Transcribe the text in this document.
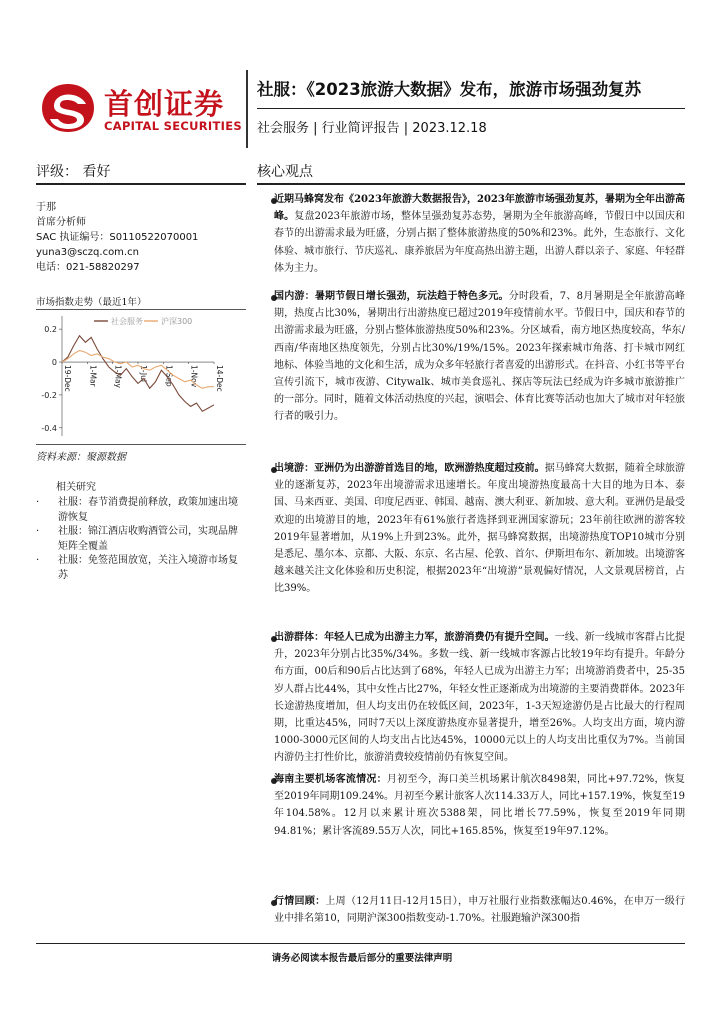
首创证券
CAPITAL SECURITIES
社服：《2023旅游大数据》发布，旅游市场强劲复苏
社会服务 | 行业简评报告 | 2023.12.18
评级： 看好
于那
首席分析师
SAC 执证编号：S0110522070001
yuna3@sczq.com.cn
电话：021-58820297
市场指数走势（最近1年）
0.2
0
-0.2
-0.4
19-Dec 1-Mar 1-May 1-Jul 1-Sep 1-Nov 14-Dec
社会服务 沪深300
资料来源：聚源数据
相关研究
·	社服：春节消费提前释放，政策加速出境游恢复
·	社服：锦江酒店收购酒管公司，实现品牌矩阵全覆盖
·	社服：免签范围放宽，关注入境游市场复苏
核心观点
近期马蜂窝发布《2023年旅游大数据报告》，2023年旅游市场强劲复苏，暑期为全年出游高峰。复盘2023年旅游市场，整体呈强劲复苏态势，暑期为全年旅游高峰，节假日中以国庆和春节的出游需求最为旺盛，分别占据了整体旅游热度的50%和23%。此外，生态旅行、文化体验、城市旅行、节庆巡礼、康养旅居为年度高热出游主题，出游人群以亲子、家庭、年轻群体为主力。
国内游：暑期节假日增长强劲，玩法趋于特色多元。分时段看，7、8月暑期是全年旅游高峰期，热度占比30%，暑期出行出游热度已超过2019年疫情前水平。节假日中，国庆和春节的出游需求最为旺盛，分别占整体旅游热度50%和23%。分区域看，南方地区热度较高，华东/西南/华南地区热度领先，分别占比30%/19%/15%。2023年探索城市角落、打卡城市网红地标、体验当地的文化和生活，成为众多年轻旅行者喜爱的出游形式。在抖音、小红书等平台宣传引流下，城市夜游、Citywalk、城市美食巡礼、探店等玩法已经成为许多城市旅游推广的一部分。同时，随着文体活动热度的兴起，演唱会、体育比赛等活动也加大了城市对年轻旅行者的吸引力。
出境游：亚洲仍为出游游首选目的地，欧洲游热度超过疫前。据马蜂窝大数据，随着全球旅游业的逐渐复苏，2023年出境游需求迅速增长。年度出境游热度最高十大目的地为日本、泰国、马来西亚、美国、印度尼西亚、韩国、越南、澳大利亚、新加坡、意大利。亚洲仍是最受欢迎的出境游目的地，2023年有61%旅行者选择到亚洲国家游玩；23年前往欧洲的游客较2019年显著增加，从19%上升到23%。此外，据马蜂窝数据，出境游热度TOP10城市分别是悉尼、墨尔本、京都、大阪、东京、名古屋、伦敦、首尔、伊斯坦布尔、新加坡。出境游客越来越关注文化体验和历史积淀，根据2023年“出境游”景观偏好情况，人文景观居榜首，占比39%。
出游群体：年轻人已成为出游主力军，旅游消费仍有提升空间。一线、新一线城市客群占比提升，2023年分别占比35%/34%。多数一线、新一线城市客源占比较19年均有提升。年龄分布方面，00后和90后占比达到了68%，年轻人已成为出游主力军；出境游消费者中，25-35岁人群占比44%，其中女性占比27%，年轻女性正逐渐成为出境游的主要消费群体。2023年长途游热度增加，但人均支出仍在较低区间，2023年，1-3天短途游仍是占比最大的行程周期，比重达45%，同时7天以上深度游热度亦显著提升，增至26%。人均支出方面，境内游1000-3000元区间的人均支出占比达45%，10000元以上的人均支出比重仅为7%。当前国内游仍主打性价比，旅游消费较疫情前仍有恢复空间。
海南主要机场客流情况：月初至今，海口美兰机场累计航次8498架，同比+97.72%，恢复至2019年同期109.24%。月初至今累计旅客人次114.33万人，同比+157.19%，恢复至19年104.58%。12月以来累计班次5388架，同比增长77.59%，恢复至2019年同期94.81%；累计客流89.55万人次，同比+165.85%，恢复至19年97.12%。
行情回顾：上周（12月11日-12月15日），申万社服行业指数涨幅达0.46%，在申万一级行业中排名第10，同期沪深300指数变动-1.70%。社服跑输沪深300指
请务必阅读本报告最后部分的重要法律声明
